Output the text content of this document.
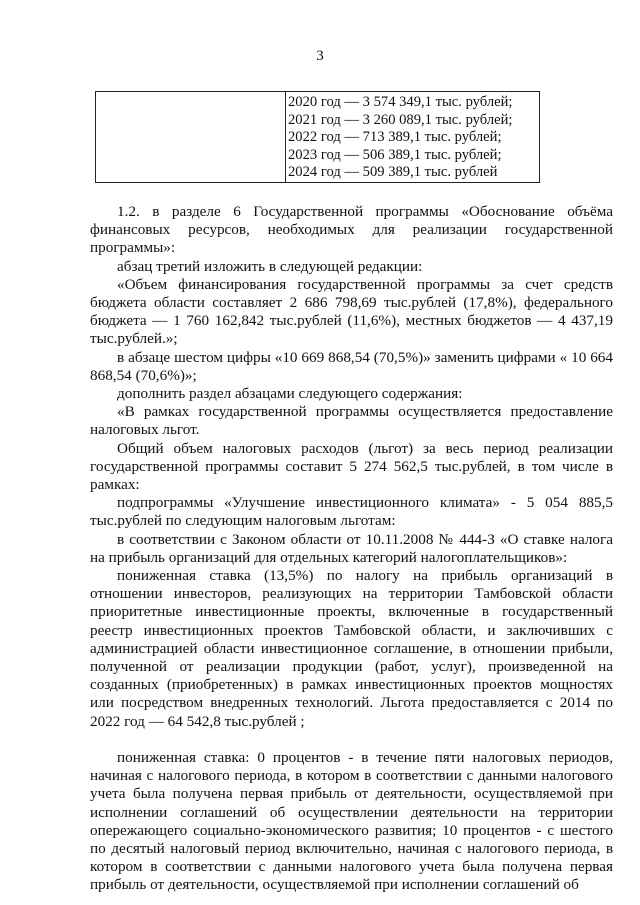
3
2020 год — 3 574 349,1 тыс. рублей;
2021 год — 3 260 089,1 тыс. рублей;
2022 год — 713 389,1 тыс. рублей;
2023 год — 506 389,1 тыс. рублей;
2024 год — 509 389,1 тыс. рублей
1.2. в разделе 6 Государственной программы «Обоснование объёма финансовых ресурсов, необходимых для реализации государственной программы»:
абзац третий изложить в следующей редакции:
«Объем финансирования государственной программы за счет средств бюджета области составляет 2 686 798,69 тыс.рублей (17,8%), федерального бюджета — 1 760 162,842 тыс.рублей (11,6%), местных бюджетов — 4 437,19 тыс.рублей.»;
в абзаце шестом цифры «10 669 868,54 (70,5%)» заменить цифрами « 10 664 868,54 (70,6%)»;
дополнить раздел абзацами следующего содержания:
«В рамках государственной программы осуществляется предоставление налоговых льгот.
Общий объем налоговых расходов (льгот) за весь период реализации государственной программы составит 5 274 562,5 тыс.рублей, в том числе в рамках:
подпрограммы «Улучшение инвестиционного климата» - 5 054 885,5 тыс.рублей по следующим налоговым льготам:
в соответствии с Законом области от 10.11.2008 № 444-З «О ставке налога на прибыль организаций для отдельных категорий налогоплательщиков»:
пониженная ставка (13,5%) по налогу на прибыль организаций в отношении инвесторов, реализующих на территории Тамбовской области приоритетные инвестиционные проекты, включенные в государственный реестр инвестиционных проектов Тамбовской области, и заключивших с администрацией области инвестиционное соглашение, в отношении прибыли, полученной от реализации продукции (работ, услуг), произведенной на созданных (приобретенных) в рамках инвестиционных проектов мощностях или посредством внедренных технологий. Льгота предоставляется с 2014 по 2022 год — 64 542,8 тыс.рублей ;
пониженная ставка: 0 процентов - в течение пяти налоговых периодов, начиная с налогового периода, в котором в соответствии с данными налогового учета была получена первая прибыль от деятельности, осуществляемой при исполнении соглашений об осуществлении деятельности на территории опережающего социально-экономического развития; 10 процентов - с шестого по десятый налоговый период включительно, начиная с налогового периода, в котором в соответствии с данными налогового учета была получена первая прибыль от деятельности, осуществляемой при исполнении соглашений об
